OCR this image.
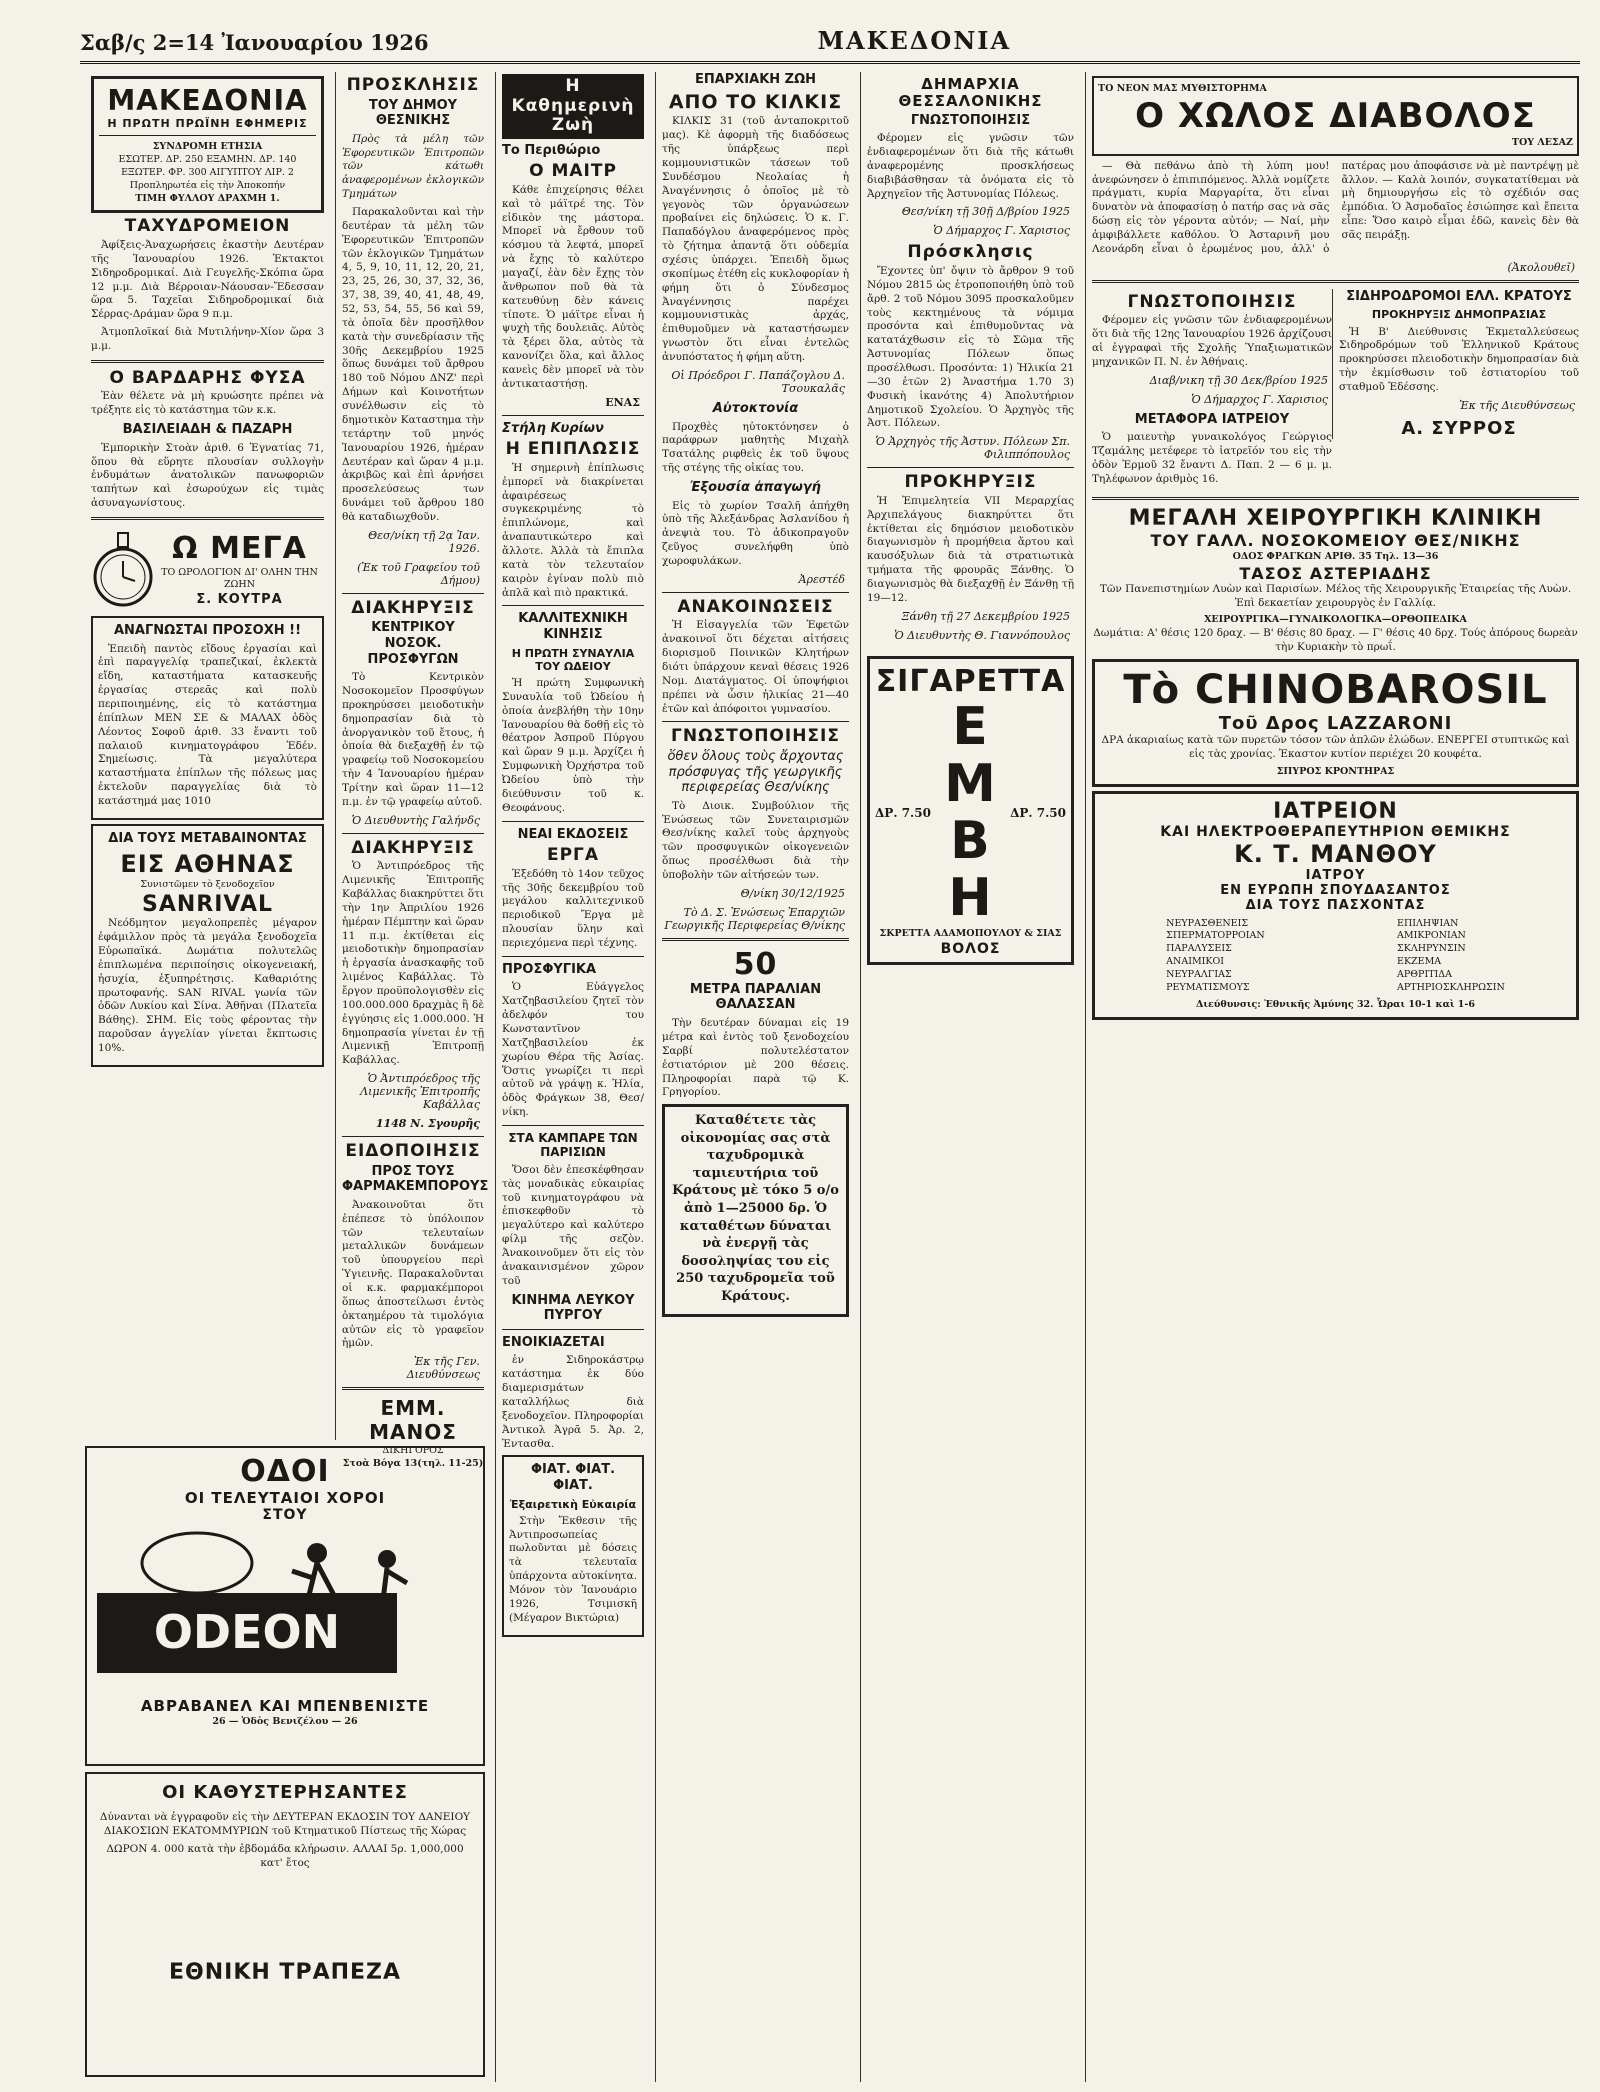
Σαβ/ς 2=14 Ἰανουαρίου 1926	ΜΑΚΕΔΟΝΙΑ
ΜΑΚΕΔΟΝΙΑ
Η ΠΡΩΤΗ ΠΡΩΪΝΗ ΕΦΗΜΕΡΙΣ
ΣΥΝΔΡΟΜΗ ΕΤΗΣΙΑ
ΕΣΩΤΕΡ. ΔΡ. 250 ΕΞΑΜΗΝ. ΔΡ. 140
ΕΞΩΤΕΡ. ΦΡ. 300 ΑΙΓΥΠΤΟΥ ΛΙΡ. 2
Προπληρωτέα εἰς τὴν Ἀποκοπήν
ΤΙΜΗ ΦΥΛΛΟΥ ΔΡΑΧΜΗ 1.
ΤΑΧΥΔΡΟΜΕΙΟΝ

Ἀφίξεις-Ἀναχωρήσεις ἐκαστὴν Δευτέραν τῆς Ἰανουαρίου 1926. Ἐκτακτοι Σιδηροδρομικαί. Διὰ Γευγελῆς-Σκόπια ὥρα 12 μ.μ. Διὰ Βέρροιαν-Νάουσαν-Ἔδεσσαν ὥρα 5. Ταχεῖαι Σιδηροδρομικαί διὰ Σέρρας-Δράμαν ὥρα 9 π.μ.

Ἀτμοπλοϊκαί διὰ Μυτιλήνην-Χίον ὥρα 3 μ.μ.

Ο ΒΑΡΔΑΡΗΣ ΦΥΣΑ

Ἐὰν θέλετε νὰ μὴ κρυώσητε πρέπει νὰ τρέξητε εἰς τὸ κατάστημα τῶν κ.κ.

ΒΑΣΙΛΕΙΑΔΗ & ΠΑΖΑΡΗ

Ἐμπορικὴν Στοὰν ἀριθ. 6 Ἐγνατίας 71, ὅπου θὰ εὕρητε πλουσίαν συλλογὴν ἐνδυμάτων ἀνατολικῶν πανωφοριῶν ταπήτων καὶ ἐσωρούχων εἰς τιμὰς ἀσυναγωνίστους.

Ω ΜΕΓΑ
ΤΟ ΩΡΟΛΟΓΙΟΝ ΔΙ' ΟΛΗΝ ΤΗΝ ΖΩΗΝ
Σ. ΚΟΥΤΡΑ
ΑΝΑΓΝΩΣΤΑΙ ΠΡΟΣΟΧΗ !!

Ἐπειδὴ παντὸς εἴδους ἐργασίαι καὶ ἐπὶ παραγγελίᾳ τραπεζικαί, ἐκλεκτὰ εἴδη, καταστήματα κατασκευῆς ἐργασίας στερεᾶς καὶ πολὺ περιποιημένης, εἰς τὸ κατάστημα ἐπίπλων ΜΕΝ ΣΕ & ΜΑΛΑΧ ὁδὸς Λέοντος Σοφοῦ ἀριθ. 33 ἔναντι τοῦ παλαιοῦ κινηματογράφου Ἐδέν. Σημείωσις. Τὰ μεγαλύτερα καταστήματα ἐπίπλων τῆς πόλεως μας ἐκτελοῦν παραγγελίας διὰ τὸ κατάστημά μας 1010

ΔΙΑ ΤΟΥΣ ΜΕΤΑΒΑΙΝΟΝΤΑΣ
ΕΙΣ ΑΘΗΝΑΣ
Συνιστῶμεν τὸ ξενοδοχεῖον
SANRIVAL

Νεόδμητον μεγαλοπρεπὲς μέγαρον ἐφάμιλλον πρὸς τὰ μεγάλα ξενοδοχεῖα Εὐρωπαϊκά. Δωμάτια πολυτελῶς ἐπιπλωμένα περιποίησις οἰκογενειακή, ἡσυχία, ἐξυπηρέτησις. Καθαριότης πρωτοφανής. SAN RIVAL γωνία τῶν ὁδῶν Λυκίου καὶ Σίνα. Ἀθῆναι (Πλατεῖα Βάθης). ΣΗΜ. Εἰς τοὺς φέροντας τὴν παροῦσαν ἀγγελίαν γίνεται ἔκπτωσις 10%.

ΟΔΟΙ
ΟΙ ΤΕΛΕΥΤΑΙΟΙ ΧΟΡΟΙ
ΣΤΟΥ
ODEON
ΑΒΡΑΒΑΝΕΛ ΚΑΙ ΜΠΕΝΒΕΝΙΣΤΕ
26 — Ὁδὸς Βενιζέλου — 26
ΟΙ ΚΑΘΥΣΤΕΡΗΣΑΝΤΕΣ

Δύνανται νὰ ἐγγραφοῦν εἰς τὴν ΔΕΥΤΕΡΑΝ ΕΚΔΟΣΙΝ ΤΟΥ ΔΑΝΕΙΟΥ ΔΙΑΚΟΣΙΩΝ ΕΚΑΤΟΜΜΥΡΙΩΝ τοῦ Κτηματικοῦ Πίστεως τῆς Χώρας

ΔΩΡΟΝ 4. 000 κατὰ τὴν ἑβδομάδα κλήρωσιν. ΑΛΛΑΙ 5ρ. 1,000,000 κατ' ἔτος

ΕΘΝΙΚΗ ΤΡΑΠΕΖΑ
ΠΡΟΣΚΛΗΣΙΣ
ΤΟΥ ΔΗΜΟΥ ΘΕΣΝΙΚΗΣ

Πρὸς τὰ μέλη τῶν Ἐφορευτικῶν Ἐπιτροπῶν τῶν κάτωθι ἀναφερομένων ἐκλογικῶν Τμημάτων

Παρακαλοῦνται καὶ τὴν δευτέραν τὰ μέλη τῶν Ἐφορευτικῶν Ἐπιτροπῶν τῶν ἐκλογικῶν Τμημάτων 4, 5, 9, 10, 11, 12, 20, 21, 23, 25, 26, 30, 37, 32, 36, 37, 38, 39, 40, 41, 48, 49, 52, 53, 54, 55, 56 καὶ 59, τὰ ὁποῖα δὲν προσῆλθον κατὰ τὴν συνεδρίασιν τῆς 30ῆς Δεκεμβρίου 1925 ὅπως δυνάμει τοῦ ἄρθρου 180 τοῦ Νόμου ΔΝΖ' περὶ Δήμων καὶ Κοινοτήτων συνέλθωσιν εἰς τὸ δημοτικὸν Καταστημα τὴν τετάρτην τοῦ μηνός Ἰανουαρίου 1926, ἡμέραν Δευτέραν καὶ ὥραν 4 μ.μ. ἀκριβῶς καὶ ἐπὶ ἀρνήσει προσελεύσεως των δυνάμει τοῦ ἄρθρου 180 θὰ καταδιωχθοῦν.

Θεσ/νίκη τῇ 2ᾳ Ἰαν. 1926.

(Ἐκ τοῦ Γραφείου τοῦ Δήμου)

ΔΙΑΚΗΡΥΞΙΣ
ΚΕΝΤΡΙΚΟΥ ΝΟΣΟΚ. ΠΡΟΣΦΥΓΩΝ

Τὸ Κεντρικὸν Νοσοκομεῖον Προσφύγων προκηρύσσει μειοδοτικὴν δημοπρασίαν διὰ τὸ ἀνοργανικὸν τοῦ ἔτους, ἡ ὁποία θὰ διεξαχθῇ ἐν τῷ γραφείῳ τοῦ Νοσοκομείου τὴν 4 Ἰανουαρίου ἡμέραν Τρίτην καὶ ὥραν 11—12 π.μ. ἐν τῷ γραφείῳ αὐτοῦ.

Ὁ Διευθυντὴς Γαλήνδς

ΔΙΑΚΗΡΥΞΙΣ

Ὁ Ἀντιπρόεδρος τῆς Λιμενικῆς Ἐπιτροπῆς Καβάλλας διακηρύττει ὅτι τὴν 1ην Ἀπριλίου 1926 ἡμέραν Πέμπτην καὶ ὥραν 11 π.μ. ἐκτίθεται εἰς μειοδοτικὴν δημοπρασίαν ἡ ἐργασία ἀνασκαφῆς τοῦ λιμένος Καβάλλας. Τὸ ἔργον προϋπολογισθὲν εἰς 100.000.000 δραχμὰς ἢ δὲ ἐγγύησις εἰς 1.000.000. Ἡ δημοπρασία γίνεται ἐν τῇ Λιμενικῇ Ἐπιτροπῇ Καβάλλας.

Ὁ Ἀντιπρόεδρος τῆς Λιμενικῆς Ἐπιτροπῆς Καβάλλας

1148 Ν. Σγουρῆς

ΕΙΔΟΠΟΙΗΣΙΣ
ΠΡΟΣ ΤΟΥΣ ΦΑΡΜΑΚΕΜΠΟΡΟΥΣ

Ἀνακοινοῦται ὅτι ἐπέπεσε τὸ ὑπόλοιπον τῶν τελευταίων μεταλλικῶν δυνάμεων τοῦ ὑπουργείου περὶ Ὑγιεινῆς. Παρακαλοῦνται οἱ κ.κ. φαρμακέμποροι ὅπως ἀποστείλωσι ἐντὸς ὀκταημέρου τὰ τιμολόγια αὐτῶν εἰς τὸ γραφεῖον ἡμῶν.

Ἐκ τῆς Γεν. Διευθύνσεως

ΕΜΜ. ΜΑΝΟΣ
ΔΙΚΗΓΟΡΟΣ
Στοὰ Βόγα 13(τηλ. 11-25)
Η Καθημερινὴ Ζωὴ
Το Περιθώριο
Ο ΜΑΙΤΡ

Κάθε ἐπιχείρησις θέλει καὶ τὸ μάϊτρέ της. Τὸν εἰδικὸν της μάστορα. Μπορεῖ νὰ ἔρθουν τοῦ κόσμου τὰ λεφτά, μπορεῖ νὰ ἔχῃς τὸ καλύτερο μαγαζί, ἐὰν δὲν ἔχῃς τὸν ἄνθρωπον ποῦ θὰ τὰ κατευθύνῃ δὲν κάνεις τίποτε. Ὁ μάϊτρε εἶναι ἡ ψυχὴ τῆς δουλειᾶς. Αὐτὸς τὰ ξέρει ὅλα, αὐτὸς τὰ κανονίζει ὅλα, καὶ ἄλλος κανεὶς δὲν μπορεῖ νὰ τὸν ἀντικαταστήσῃ.

ΕΝΑΣ

Στήλη Κυρίων
Η ΕΠΙΠΛΩΣΙΣ

Ἡ σημερινὴ ἐπίπλωσις ἐμπορεῖ νὰ διακρίνεται ἀφαιρέσεως συγκεκριμένης τὸ ἐπιπλώνομε, καὶ ἀναπαυτικώτερο καὶ ἄλλοτε. Ἀλλὰ τὰ ἔπιπλα κατὰ τὸν τελευταίον καιρὸν ἐγίναν πολὺ πιὸ ἁπλᾶ καὶ πιὸ πρακτικά.

ΚΑΛΛΙΤΕΧΝΙΚΗ ΚΙΝΗΣΙΣ
Η ΠΡΩΤΗ ΣΥΝΑΥΛΙΑ ΤΟΥ ΩΔΕΙΟΥ

Ἡ πρώτη Συμφωνικὴ Συναυλία τοῦ Ὠδείου ἡ ὁποία ἀνεβλήθη τὴν 10ην Ἰανουαρίου θὰ δοθῇ εἰς τὸ θέατρον Ἀσπροῦ Πύργου καὶ ὥραν 9 μ.μ. Ἀρχίζει ἡ Συμφωνικὴ Ὀρχήστρα τοῦ Ὠδείου ὑπὸ τὴν διεύθυνσιν τοῦ κ. Θεοφάνους.

ΝΕΑΙ ΕΚΔΟΣΕΙΣ
ΕΡΓΑ

Ἐξεδόθη τὸ 14ον τεῦχος τῆς 30ῆς δεκεμβρίου τοῦ μεγάλου καλλιτεχνικοῦ περιοδικοῦ Ἔργα μὲ πλουσίαν ὕλην καὶ περιεχόμενα περὶ τέχνης.

ΠΡΟΣΦΥΓΙΚΑ

Ὁ Εὐάγγελος Χατζηβασιλείου ζητεῖ τὸν ἀδελφόν του Κωνσταντῖνον Χατζηβασιλείου ἐκ χωρίου Θέρα τῆς Ἀσίας. Ὅστις γνωρίζει τι περὶ αὐτοῦ νὰ γράψῃ κ. Ἠλία, ὁδὸς Φράγκων 38, Θεσ/νίκη.

ΣΤΑ ΚΑΜΠΑΡΕ ΤΩΝ ΠΑΡΙΣΙΩΝ

Ὅσοι δὲν ἐπεσκέφθησαν τὰς μοναδικὰς εὐκαιρίας τοῦ κινηματογράφου νὰ ἐπισκεφθοῦν τὸ μεγαλύτερο καὶ καλύτερο φίλμ τῆς σεζὸν. Ἀνακοινοῦμεν ὅτι εἰς τὸν ἀνακαινισμένον χῶρον τοῦ

ΚΙΝΗΜΑ ΛΕΥΚΟΥ ΠΥΡΓΟΥ
ΕΝΟΙΚΙΑΖΕΤΑΙ

ἐν Σιδηροκάστρῳ κατάστημα ἐκ δύο διαμερισμάτων καταλλήλως διὰ ξενοδοχεῖον. Πληροφορίαι Ἀντικολ Ἀγρᾶ 5. Ἀρ. 2, Ἐντασθα.

ΦΙΑΤ. ΦΙΑΤ. ΦΙΑΤ.
Ἐξαιρετικὴ Εὐκαιρία

Στὴν Ἔκθεσιν τῆς Ἀντιπροσωπείας πωλοῦνται μὲ δόσεις τὰ τελευταῖα ὑπάρχοντα αὐτοκίνητα. Μόνον τὸν Ἰανουάριο 1926, Τσιμισκῆ (Μέγαρον Βικτώρια)

ΕΠΑΡΧΙΑΚΗ ΖΩΗ
ΑΠΟ ΤΟ ΚΙΛΚΙΣ

ΚΙΛΚΙΣ 31 (τοῦ ἀνταποκριτοῦ μας). Κὲ ἀφορμὴ τῆς διαδόσεως τῆς ὑπάρξεως περὶ κομμουνιστικῶν τάσεων τοῦ Συνδέσμου Νεολαίας ἡ Ἀναγέννησις ὁ ὁποῖος μὲ τὸ γεγονὸς τῶν ὀργανώσεων προβαίνει εἰς δηλώσεις. Ὁ κ. Γ. Παπαδόγλου ἀναφερόμενος πρὸς τὸ ζήτημα ἀπαντᾷ ὅτι οὐδεμία σχέσις ὑπάρχει. Ἐπειδὴ ὅμως σκοπίμως ἐτέθη εἰς κυκλοφορίαν ἡ φήμη ὅτι ὁ Σύνδεσμος Ἀναγέννησις παρέχει κομμουνιστικὰς ἀρχάς, ἐπιθυμοῦμεν νὰ καταστήσωμεν γνωστὸν ὅτι εἶναι ἐντελῶς ἀνυπόστατος ἡ φήμη αὕτη.

Οἱ Πρόεδροι Γ. Παπάζογλου Δ. Τσουκαλᾶς

Αὐτοκτονία

Προχθὲς ηὐτοκτόνησεν ὁ παράφρων μαθητὴς Μιχαὴλ Τσατάλης ριφθεὶς ἐκ τοῦ ὕψους τῆς στέγης τῆς οἰκίας του.

Ἐξουσία ἀπαγωγή

Εἰς τὸ χωρίον Τσαλῆ ἀπήχθη ὑπὸ τῆς Ἀλεξάνδρας Ἀσλανίδου ἡ ἀνεψιὰ του. Τὸ ἀδικοπραγοῦν ζεῦγος συνελήφθη ὑπὸ χωροφυλάκων.

Ἀρεστέδ

ΑΝΑΚΟΙΝΩΣΕΙΣ

Ἡ Εἰσαγγελία τῶν Ἐφετῶν ἀνακοινοῖ ὅτι δέχεται αἰτήσεις διορισμοῦ Ποινικῶν Κλητήρων διότι ὑπάρχουν κεναὶ θέσεις 1926 Νομ. Διατάγματος. Οἱ ὑποψήφιοι πρέπει νὰ ὦσιν ἡλικίας 21—40 ἐτῶν καὶ ἀπόφοιτοι γυμνασίου.

ΓΝΩΣΤΟΠΟΙΗΣΙΣ
ὅθεν ὅλους τοὺς ἄρχοντας πρόσφυγας τῆς γεωργικῆς περιφερείας Θεσ/νίκης

Τὸ Διοικ. Συμβούλιον τῆς Ἐνώσεως τῶν Συνεταιρισμῶν Θεσ/νίκης καλεῖ τοὺς ἀρχηγοὺς τῶν προσφυγικῶν οἰκογενειῶν ὅπως προσέλθωσι διὰ τὴν ὑποβολὴν τῶν αἰτήσεών των.

Θ/νίκη 30/12/1925

Τὸ Δ. Σ. Ἐνώσεως Ἐπαρχιῶν Γεωργικῆς Περιφερείας Θ/νίκης

50
ΜΕΤΡΑ ΠΑΡΑΛΙΑΝ ΘΑΛΑΣΣΑΝ

Τὴν δευτέραν δύναμαι εἰς 19 μέτρα καὶ ἐντὸς τοῦ ξενοδοχείου Σαρβί πολυτελέστατον ἐστιατόριον μὲ 200 θέσεις. Πληροφορίαι παρὰ τῷ Κ. Γρηγορίου.

Καταθέτετε τὰς οἰκονομίας σας στὰ ταχυδρομικὰ ταμιευτήρια τοῦ Κράτους μὲ τόκο 5 ο/ο ἀπὸ 1—25000 δρ. Ὁ καταθέτων δύναται νὰ ἐνεργῇ τὰς δοσοληψίας του εἰς 250 ταχυδρομεῖα τοῦ Κράτους.

ΔΗΜΑΡΧΙΑ ΘΕΣΣΑΛΟΝΙΚΗΣ
ΓΝΩΣΤΟΠΟΙΗΣΙΣ

Φέρομεν εἰς γνῶσιν τῶν ἐνδιαφερομένων ὅτι διὰ τῆς κάτωθι ἀναφερομένης προσκλήσεως διαβιβάσθησαν τὰ ὀνόματα εἰς τὸ Ἀρχηγεῖον τῆς Ἀστυνομίας Πόλεως.

Θεσ/νίκη τῇ 30ῇ Δ/βρίου 1925

Ὁ Δήμαρχος Γ. Χαρισιος

Πρόσκλησις

Ἔχοντες ὑπ' ὄψιν τὸ ἄρθρον 9 τοῦ Νόμου 2815 ὡς ἐτροποποιήθη ὑπὸ τοῦ ἄρθ. 2 τοῦ Νόμου 3095 προσκαλοῦμεν τοὺς κεκτημένους τὰ νόμιμα προσόντα καὶ ἐπιθυμοῦντας νὰ κατατάχθωσιν εἰς τὸ Σῶμα τῆς Ἀστυνομίας Πόλεων ὅπως προσέλθωσι. Προσόντα: 1) Ἡλικία 21—30 ἐτῶν 2) Ἀναστήμα 1.70 3) Φυσικὴ ἱκανότης 4) Ἀπολυτήριον Δημοτικοῦ Σχολείου. Ὁ Ἀρχηγὸς τῆς Ἀστ. Πόλεων.

Ὁ Ἀρχηγὸς τῆς Ἀστυν. Πόλεων Σπ. Φιλιππόπουλος

ΠΡΟΚΗΡΥΞΙΣ

Ἡ Ἐπιμελητεία VII Μεραρχίας Ἀρχιπελάγους διακηρύττει ὅτι ἐκτίθεται εἰς δημόσιον μειοδοτικὸν διαγωνισμὸν ἡ προμήθεια ἄρτου καὶ καυσόξυλων διὰ τὰ στρατιωτικὰ τμήματα τῆς φρουρᾶς Ξάνθης. Ὁ διαγωνισμὸς θὰ διεξαχθῇ ἐν Ξάνθῃ τῇ 19—12.

Ξάνθη τῇ 27 Δεκεμβρίου 1925

Ὁ Διευθυντὴς Θ. Γιαννόπουλος

ΣΙΓΑΡΕΤΤΑ
ΔΡ. 7.50
ΕΜΒΗ
ΔΡ. 7.50
ΣΚΡΕΤΤΑ ΑΔΑΜΟΠΟΥΛΟΥ & ΣΙΑΣ
ΒΟΛΟΣ
ΤΟ ΝΕΟΝ ΜΑΣ ΜΥΘΙΣΤΟΡΗΜΑ
Ο ΧΩΛΟΣ ΔΙΑΒΟΛΟΣ
ΤΟΥ ΛΕΣΑΖ

— Θὰ πεθάνω ἀπὸ τὴ λύπη μου! ἀνεφώνησεν ὁ ἐπιπιπόμενος. Ἀλλὰ νομίζετε πράγματι, κυρία Μαργαρίτα, ὅτι εἶναι δυνατὸν νὰ ἀποφασίσῃ ὁ πατήρ σας νὰ σᾶς δώσῃ εἰς τὸν γέροντα αὐτόν; — Ναί, μὴν ἀμφιβάλλετε καθόλου. Ὁ Ἀσταρινῆ μου Λεονάρδη εἶναι ὁ ἐρωμένος μου, ἀλλ' ὁ πατέρας μου ἀποφάσισε νὰ μὲ παντρέψῃ μὲ ἄλλον. — Καλὰ λοιπόν, συγκατατίθεμαι νὰ μὴ δημιουργήσω εἰς τὸ σχέδιόν σας ἐμπόδια. Ὁ Ἀσμοδαῖος ἐσιώπησε καὶ ἔπειτα εἶπε: Ὅσο καιρὸ εἶμαι ἐδῶ, κανεὶς δὲν θὰ σᾶς πειράξῃ.

(Ἀκολουθεῖ)

ΓΝΩΣΤΟΠΟΙΗΣΙΣ

Φέρομεν εἰς γνῶσιν τῶν ἐνδιαφερομένων ὅτι διὰ τῆς 12ης Ἰανουαρίου 1926 ἀρχίζουσι αἱ ἐγγραφαὶ τῆς Σχολῆς Ὑπαξιωματικῶν μηχανικῶν Π. Ν. ἐν Ἀθήναις.

Διαβ/νικη τῇ 30 Δεκ/βρίου 1925

Ὁ Δήμαρχος Γ. Χαρισιος

ΜΕΤΑΦΟΡΑ ΙΑΤΡΕΙΟΥ

Ὁ μαιευτὴρ γυναικολόγος Γεώργιος Τζαμάλης μετέφερε τὸ ἰατρεῖόν του εἰς τὴν ὁδὸν Ἐρμοῦ 32 ἔναντι Δ. Παπ. 2 — 6 μ. μ. Τηλέφωνον ἀριθμὸς 16.

ΣΙΔΗΡΟΔΡΟΜΟΙ ΕΛΛ. ΚΡΑΤΟΥΣ
ΠΡΟΚΗΡΥΞΙΣ ΔΗΜΟΠΡΑΣΙΑΣ

Ἡ Β' Διεύθυνσις Ἐκμεταλλεύσεως Σιδηροδρόμων τοῦ Ἑλληνικοῦ Κράτους προκηρύσσει πλειοδοτικὴν δημοπρασίαν διὰ τὴν ἐκμίσθωσιν τοῦ ἐστιατορίου τοῦ σταθμοῦ Ἐδέσσης.

Ἐκ τῆς Διευθύνσεως

Α. ΣΥΡΡΟΣ
ΜΕΓΑΛΗ ΧΕΙΡΟΥΡΓΙΚΗ ΚΛΙΝΙΚΗ
ΤΟΥ ΓΑΛΛ. ΝΟΣΟΚΟΜΕΙΟΥ ΘΕΣ/ΝΙΚΗΣ
ΟΔΟΣ ΦΡΑΓΚΩΝ ΑΡΙΘ. 35 Τηλ. 13—36
ΤΑΣΟΣ ΑΣΤΕΡΙΑΔΗΣ

Τῶν Πανεπιστημίων Λυὼν καὶ Παρισίων. Μέλος τῆς Χειρουργικῆς Ἑταιρείας τῆς Λυὼν. Ἐπὶ δεκαετίαν χειρουργὸς ἐν Γαλλίᾳ.

ΧΕΙΡΟΥΡΓΙΚΑ—ΓΥΝΑΙΚΟΛΟΓΙΚΑ—ΟΡΘΟΠΕΔΙΚΑ

Δωμάτια: Α' θέσις 120 δραχ. — Β' θέσις 80 δραχ. — Γ' θέσις 40 δρχ. Τούς ἀπόρους δωρεὰν τὴν Κυριακὴν τὸ πρωΐ.

Τὸ CHINOBAROSIL
Τοῦ Δρος LAZZARONI

ΔΡΑ ἀκαριαίως κατὰ τῶν πυρετῶν τόσον τῶν ἁπλῶν ἐλώδων. ΕΝΕΡΓΕΙ στυπτικῶς καὶ εἰς τὰς χρονίας. Ἐκαστον κυτίον περιέχει 20 κουφέτα.

ΣΠΥΡΟΣ ΚΡΟΝΤΗΡΑΣ
ΙΑΤΡΕΙΟΝ
ΚΑΙ ΗΛΕΚΤΡΟΘΕΡΑΠΕΥΤΗΡΙΟΝ ΘΕΜΙΚΗΣ
Κ. Τ. ΜΑΝΘΟΥ
ΙΑΤΡΟΥ
ΕΝ ΕΥΡΩΠΗ ΣΠΟΥΔΑΣΑΝΤΟΣ
ΔΙΑ ΤΟΥΣ ΠΑΣΧΟΝΤΑΣ
ΝΕΥΡΑΣΘΕΝΕΙΣ
ΣΠΕΡΜΑΤΟΡΡΟΙΑΝ
ΠΑΡΑΛΥΣΕΙΣ
ΑΝΑΙΜΙΚΟΙ
ΝΕΥΡΑΛΓΙΑΣ
ΡΕΥΜΑΤΙΣΜΟΥΣ
ΕΠΙΛΗΨΙΑΝ
ΑΜΙΚΡΟΝΙΑΝ
ΣΚΛΗΡΥΝΣΙΝ
ΕΚΖΕΜΑ
ΑΡΘΡΙΤΙΔΑ
ΑΡΤΗΡΙΟΣΚΛΗΡΩΣΙΝ
Διεύθυνσις: Ἐθνικῆς Ἀμύνης 32. Ὧραι 10-1 καὶ 1-6
